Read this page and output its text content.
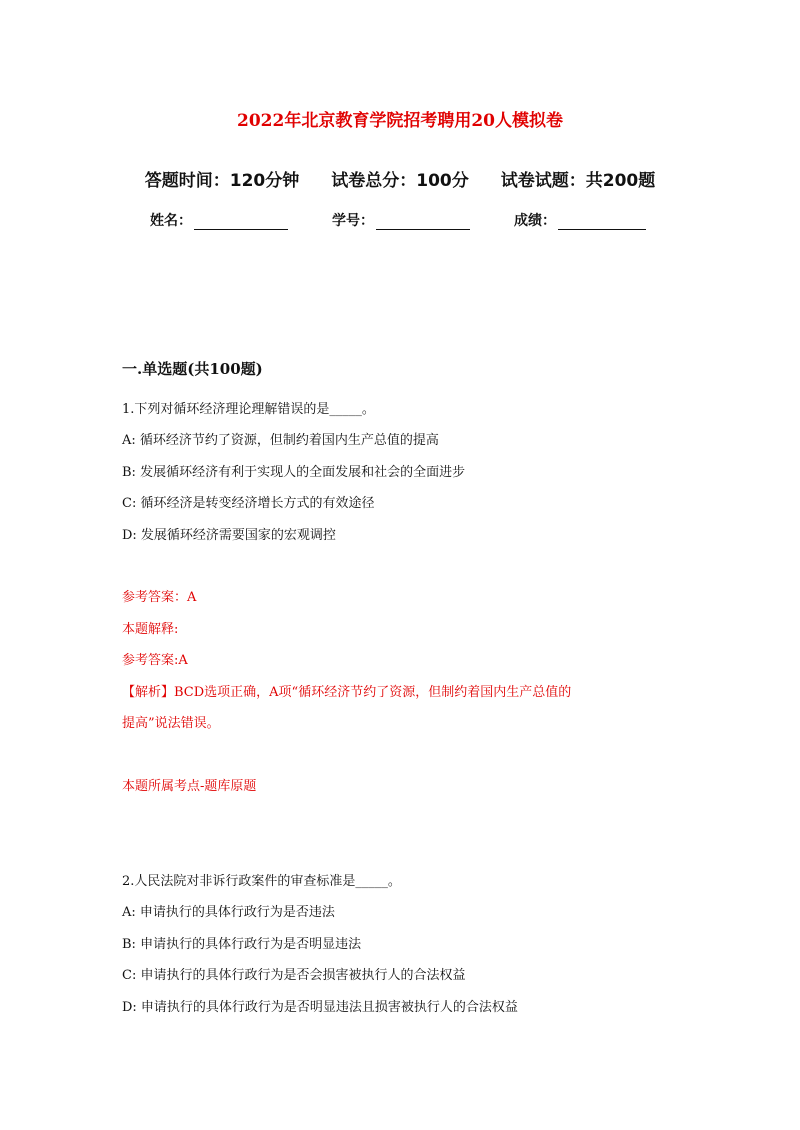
2022年北京教育学院招考聘用20人模拟卷
答题时间：120分钟 试卷总分：100分 试卷试题：共200题
姓名：	学号：	成绩：
一.单选题(共100题)
1.下列对循环经济理论理解错误的是_____。
A: 循环经济节约了资源，但制约着国内生产总值的提高
B: 发展循环经济有利于实现人的全面发展和社会的全面进步
C: 循环经济是转变经济增长方式的有效途径
D: 发展循环经济需要国家的宏观调控
参考答案：A
本题解释:
参考答案:A
【解析】BCD选项正确，A项“循环经济节约了资源，但制约着国内生产总值的
提高”说法错误。
本题所属考点-题库原题
2.人民法院对非诉行政案件的审查标准是_____。
A: 申请执行的具体行政行为是否违法
B: 申请执行的具体行政行为是否明显违法
C: 申请执行的具体行政行为是否会损害被执行人的合法权益
D: 申请执行的具体行政行为是否明显违法且损害被执行人的合法权益
